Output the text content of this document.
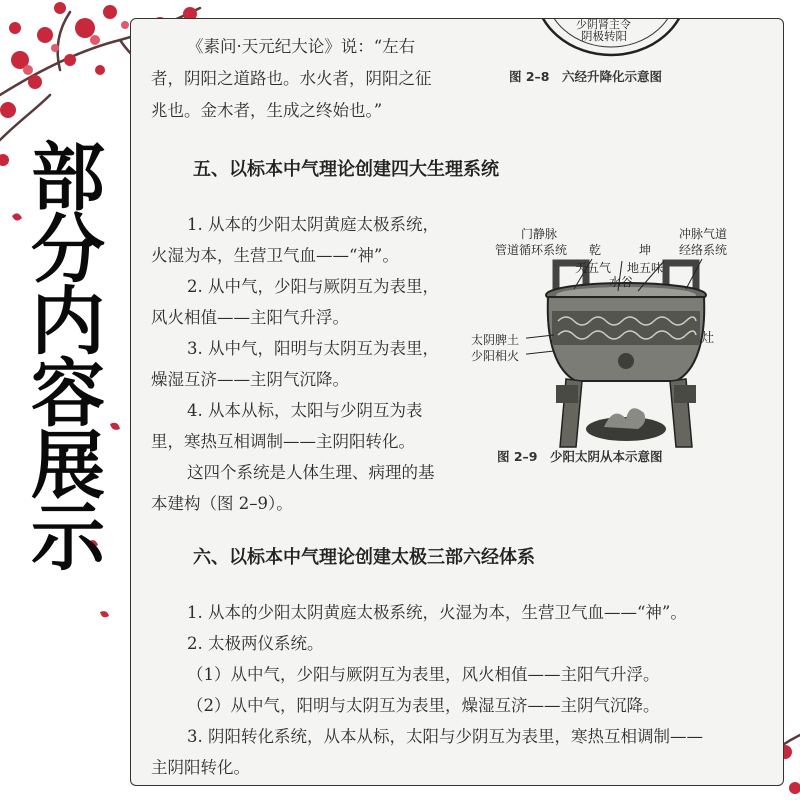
部
分
内
容
展
示
《素问·天元纪大论》说：“左右
者，阴阳之道路也。水火者，阴阳之征
兆也。金木者，生成之终始也。”
少阴肾主令
阴极转阳
图 2–8　六经升降化示意图
五、以标本中气理论创建四大生理系统
1. 从本的少阳太阴黄庭太极系统，
火湿为本，生营卫气血——“神”。
2. 从中气，少阳与厥阴互为表里，
风火相值——主阳气升浮。
3. 从中气，阳明与太阴互为表里，
燥湿互济——主阴气沉降。
4. 从本从标，太阳与少阴互为表
里，寒热互相调制——主阴阳转化。
这四个系统是人体生理、病理的基
本建构（图 2–9）。
门静脉
管道循环系统 乾	坤
冲脉气道
经络系统
天五气 地五味
水谷
太阴脾土
少阳相火
灶
图 2–9　少阳太阴从本示意图
六、以标本中气理论创建太极三部六经体系
1. 从本的少阳太阴黄庭太极系统，火湿为本，生营卫气血——“神”。
2. 太极两仪系统。
（1）从中气，少阳与厥阴互为表里，风火相值——主阳气升浮。
（2）从中气，阳明与太阴互为表里，燥湿互济——主阴气沉降。
3. 阴阳转化系统，从本从标，太阳与少阴互为表里，寒热互相调制——
主阴阳转化。
